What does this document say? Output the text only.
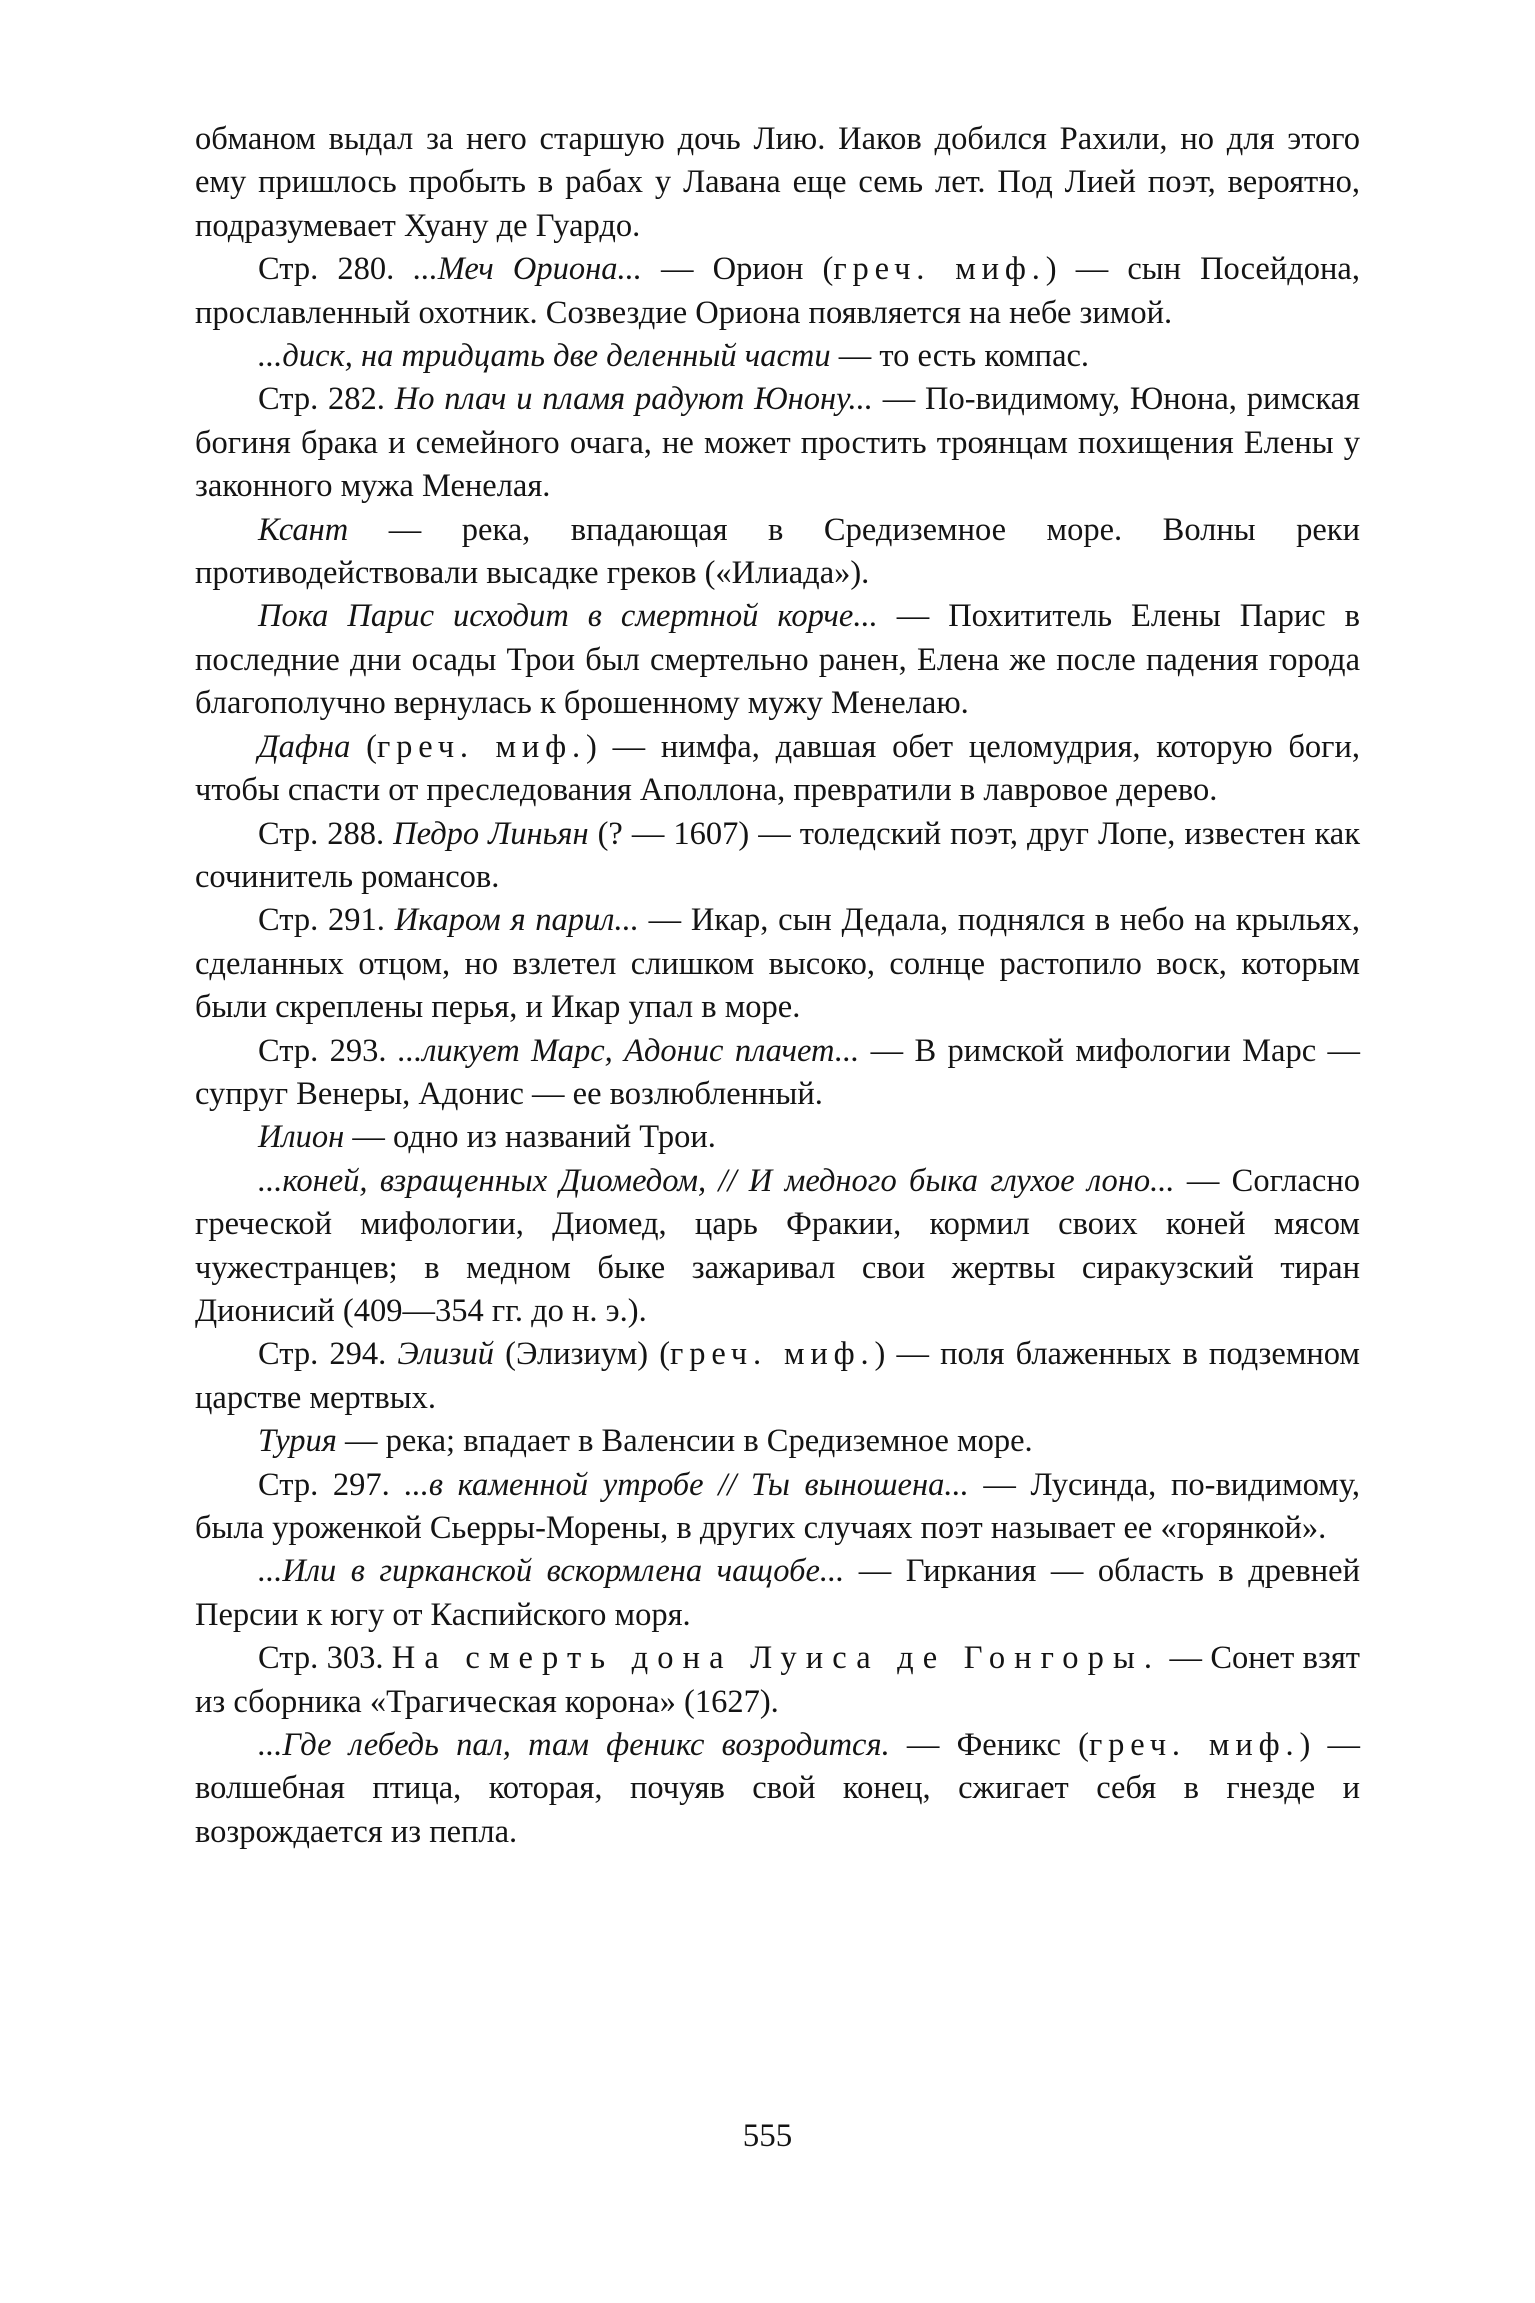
обманом выдал за него старшую дочь Лию. Иаков добился Рахили, но для этого ему пришлось пробыть в рабах у Лавана еще семь лет. Под Лией поэт, вероятно, подразумевает Хуану де Гуардо.

Стр. 280. ...Меч Ориона... — Орион (греч. миф.) — сын Посейдона, прославленный охотник. Созвездие Ориона появляется на небе зимой.

...диск, на тридцать две деленный части — то есть компас.

Стр. 282. Но плач и пламя радуют Юнону... — По-видимому, Юнона, римская богиня брака и семейного очага, не может простить троянцам похищения Елены у законного мужа Менелая.

Ксант — река, впадающая в Средиземное море. Волны реки противодействовали высадке греков («Илиада»).

Пока Парис исходит в смертной корче... — Похититель Елены Парис в последние дни осады Трои был смертельно ранен, Елена же после падения города благополучно вернулась к брошенному мужу Менелаю.

Дафна (греч. миф.) — нимфа, давшая обет целомудрия, которую боги, чтобы спасти от преследования Аполлона, превратили в лавровое дерево.

Стр. 288. Педро Линьян (? — 1607) — толедский поэт, друг Лопе, известен как сочинитель романсов.

Стр. 291. Икаром я парил... — Икар, сын Дедала, поднялся в небо на крыльях, сделанных отцом, но взлетел слишком высоко, солнце растопило воск, которым были скреплены перья, и Икар упал в море.

Стр. 293. ...ликует Марс, Адонис плачет... — В римской мифологии Марс — супруг Венеры, Адонис — ее возлюбленный.

Илион — одно из названий Трои.

...коней, взращенных Диомедом, // И медного быка глухое лоно... — Согласно греческой мифологии, Диомед, царь Фракии, кормил своих коней мясом чужестранцев; в медном быке зажаривал свои жертвы сиракузский тиран Дионисий (409—354 гг. до н. э.).

Стр. 294. Элизий (Элизиум) (греч. миф.) — поля блаженных в подземном царстве мертвых.

Турия — река; впадает в Валенсии в Средиземное море.

Стр. 297. ...в каменной утробе // Ты выношена... — Лусинда, по-видимому, была уроженкой Сьерры-Морены, в других случаях поэт называет ее «горянкой».

...Или в гирканской вскормлена чащобе... — Гиркания — область в древней Персии к югу от Каспийского моря.

Стр. 303. На смерть дона Луиса де Гонгоры. — Сонет взят из сборника «Трагическая корона» (1627).

...Где лебедь пал, там феникс возродится. — Феникс (греч. миф.) — волшебная птица, которая, почуяв свой конец, сжигает себя в гнезде и возрождается из пепла.

555
